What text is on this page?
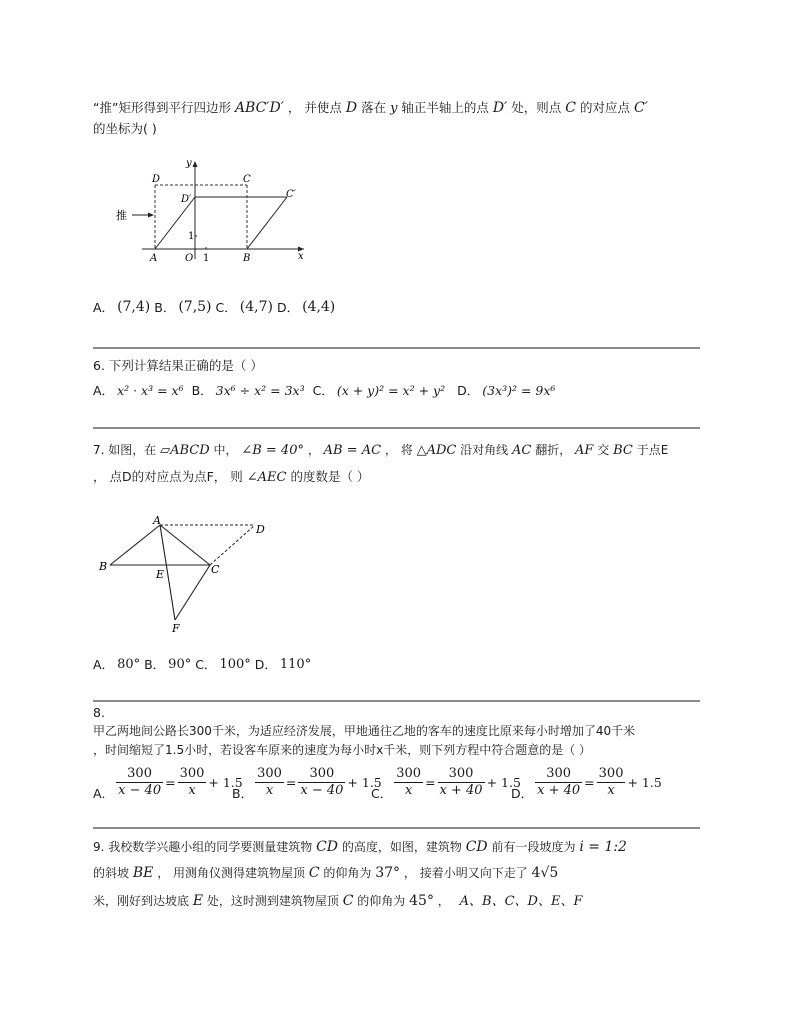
“推”矩形得到平行四边形 ABC′D′ ， 并使点 D 落在 y 轴正半轴上的点 D′ 处，则点 C 的对应点 C′
的坐标为( )
推
y
x
D	C
D′	C′
A	O 1	B
1
A． (7,4)
B． (7,5)
C． (4,7)
D． (4,4)
6. 下列计算结果正确的是（ ）
A． x² · x³ = x⁶
B． 3x⁶ ÷ x² = 3x³
C． (x + y)² = x² + y²
D． (3x³)² = 9x⁶
7. 如图，在 ▱ABCD 中， ∠B = 40° ， AB = AC ， 将 △ADC 沿对角线 AC 翻折， AF 交 BC 于点E
， 点D的对应点为点F， 则 ∠AEC 的度数是（ ）
A
B	C
D
E
F
A． 80°
B． 90°
C． 100°
D． 110°
8.
甲乙两地间公路长300千米，为适应经济发展，甲地通往乙地的客车的速度比原来每小时增加了40千米
，时间缩短了1.5小时，若设客车原来的速度为每小时x千米，则下列方程中符合题意的是（ ）
A． $\frac{300}{x - 40} = \frac{300}{x} + 1.5$
B． $\frac{300}{x} = \frac{300}{x - 40} + 1.5$
C． $\frac{300}{x} = \frac{300}{x + 40} + 1.5$
D． $\frac{300}{x + 40} = \frac{300}{x} + 1.5$
9. 我校数学兴趣小组的同学要测量建筑物 CD 的高度，如图，建筑物 CD 前有一段坡度为 i = 1:2
的斜坡 BE ， 用测角仪测得建筑物屋顶 C 的仰角为 37° ， 接着小明又向下走了 4√5
米，刚好到达坡底 E 处，这时测到建筑物屋顶 C 的仰角为 45° ， A、B、C、D、E、F
